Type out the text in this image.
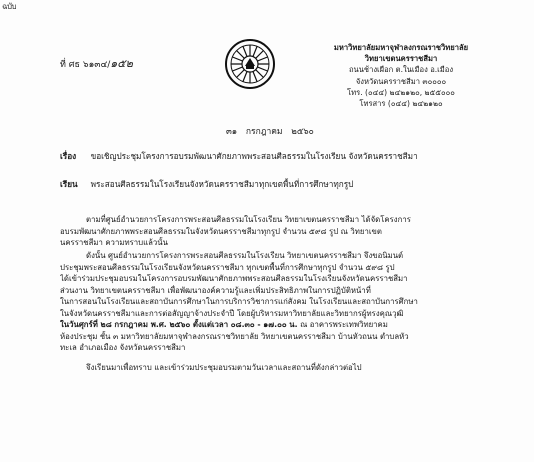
ฉบับ
ที่ ศธ ๖๑๓๔/๑๕๒
มหาวิทยาลัยมหาจุฬาลงกรณราชวิทยาลัย
วิทยาเขตนครราชสีมา
ถนนช้างเผือก ต.ในเมือง อ.เมือง
จังหวัดนครราชสีมา ๓๐๐๐๐
โทร. (๐๔๔) ๒๔๒๑๒๐, ๒๕๕๐๐๐
โทรสาร (๐๔๔) ๒๔๒๑๒๐
๓๑ กรกฎาคม ๒๕๖๐
เรื่อง ขอเชิญประชุมโครงการอบรมพัฒนาศักยภาพพระสอนศีลธรรมในโรงเรียน จังหวัดนครราชสีมา
เรียน พระสอนศีลธรรมในโรงเรียนจังหวัดนครราชสีมาทุกเขตพื้นที่การศึกษาทุกรูป
ตามที่ศูนย์อำนวยการโครงการพระสอนศีลธรรมในโรงเรียน วิทยาเขตนครราชสีมา ได้จัดโครงการ
อบรมพัฒนาศักยภาพพระสอนศีลธรรมในจังหวัดนครราชสีมาทุกรูป จำนวน ๕๙๘ รูป ณ วิทยาเขต
นครราชสีมา ความทราบแล้วนั้น
ดังนั้น ศูนย์อำนวยการโครงการพระสอนศีลธรรมในโรงเรียน วิทยาเขตนครราชสีมา จึงขอนิมนต์
ประชุมพระสอนศีลธรรมในโรงเรียนจังหวัดนครราชสีมา ทุกเขตพื้นที่การศึกษาทุกรูป จำนวน ๕๙๘ รูป
ได้เข้าร่วมประชุมอบรมในโครงการอบรมพัฒนาศักยภาพพระสอนศีลธรรมในโรงเรียนจังหวัดนครราชสีมา
ส่วนงาน วิทยาเขตนครราชสีมา เพื่อพัฒนาองค์ความรู้และเพิ่มประสิทธิภาพในการปฏิบัติหน้าที่
ในการสอนในโรงเรียนและสถาบันการศึกษาในการบริการวิชาการแก่สังคม ในโรงเรียนและสถาบันการศึกษา
ในจังหวัดนครราชสีมาและการต่อสัญญาจ้างประจำปี โดยผู้บริหารมหาวิทยาลัยและวิทยากรผู้ทรงคุณวุฒิ
ในวันศุกร์ที่ ๒๘ กรกฎาคม พ.ศ. ๒๕๖๐ ตั้งแต่เวลา ๐๘.๓๐ - ๑๗.๐๐ น. ณ อาคารพระเทพวิทยาคม
ห้องประชุม ชั้น ๓ มหาวิทยาลัยมหาจุฬาลงกรณราชวิทยาลัย วิทยาเขตนครราชสีมา บ้านหัวถนน ตำบลหัว
ทะเล อำเภอเมือง จังหวัดนครราชสีมา
จึงเรียนมาเพื่อทราบ และเข้าร่วมประชุมอบรมตามวันเวลาและสถานที่ดังกล่าวต่อไป
